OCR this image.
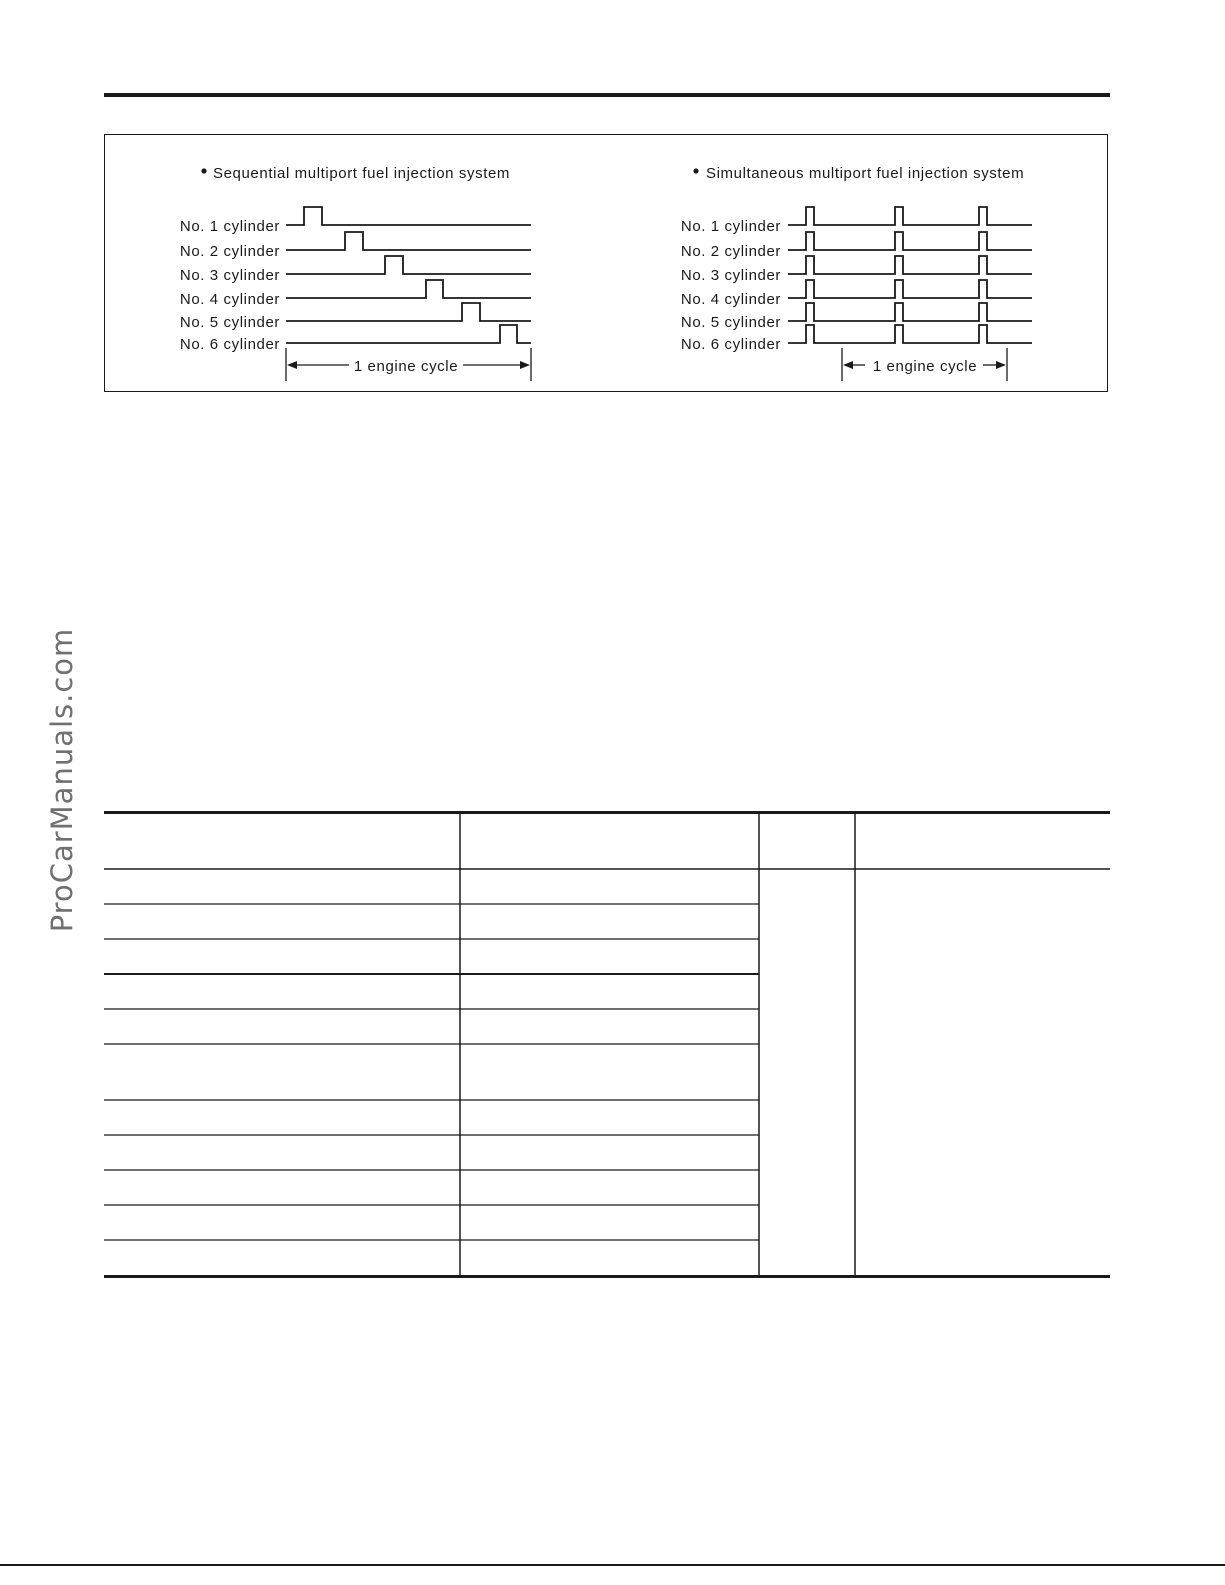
ProCarManuals.com
Sequential multiport fuel injection system
No. 1 cylinder
No. 2 cylinder
No. 3 cylinder
No. 4 cylinder
No. 5 cylinder
No. 6 cylinder
1 engine cycle
Simultaneous multiport fuel injection system
No. 1 cylinder
No. 2 cylinder
No. 3 cylinder
No. 4 cylinder
No. 5 cylinder
No. 6 cylinder
1 engine cycle
